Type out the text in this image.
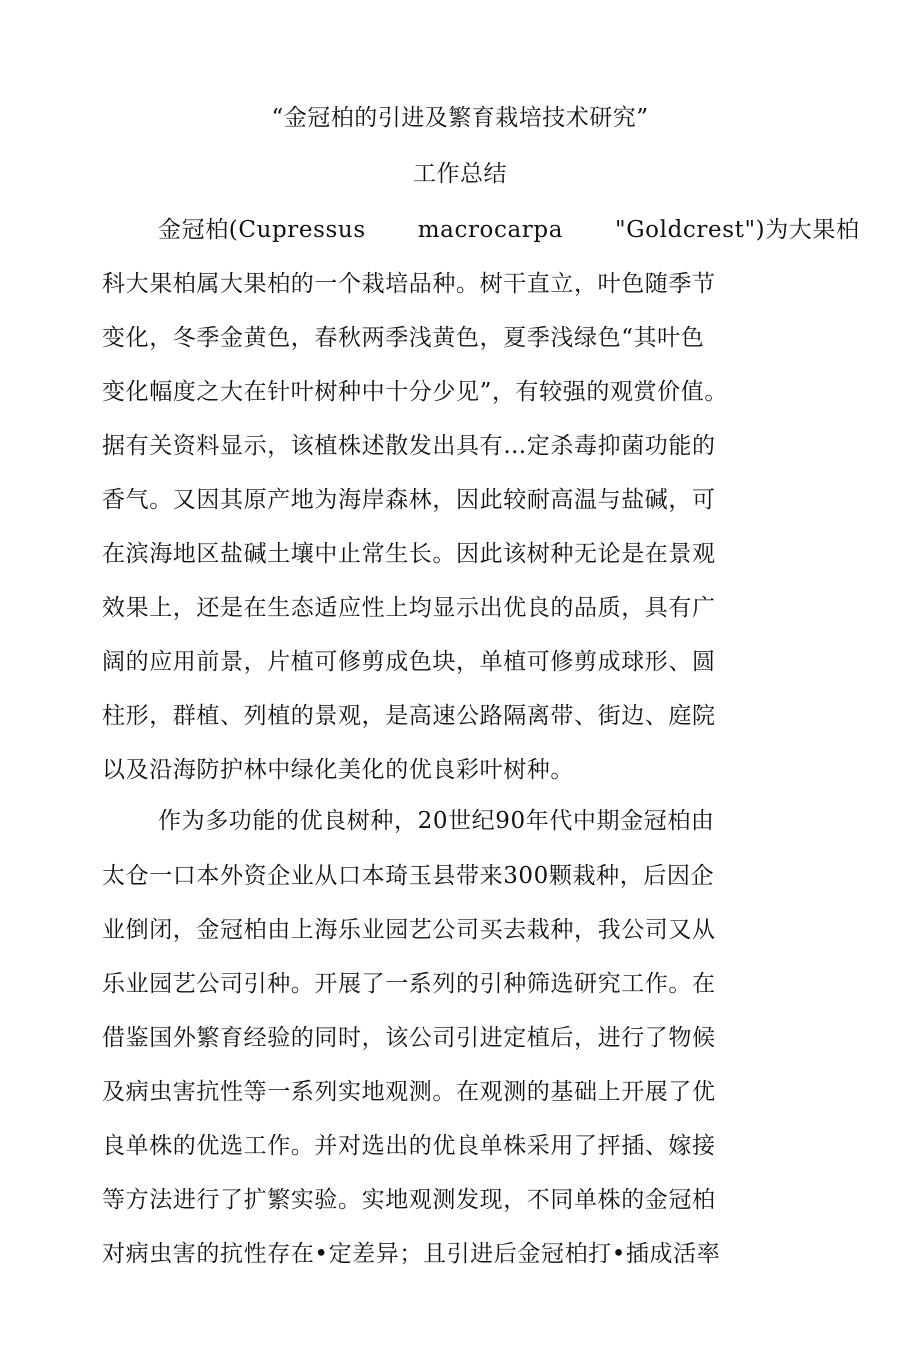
“金冠柏的引进及繁育栽培技术研究”
工作总结
金冠柏(Cupressus macrocarpa "Goldcrest")为大果柏
科大果柏属大果柏的一个栽培品种。树干直立，叶色随季节
变化，冬季金黄色，春秋两季浅黄色，夏季浅绿色“其叶色
变化幅度之大在针叶树种中十分少见”，有较强的观赏价值。
据有关资料显示，该植株述散发出具有…定杀毒抑菌功能的
香气。又因其原产地为海岸森林，因此较耐高温与盐碱，可
在滨海地区盐碱土壤中止常生长。因此该树种无论是在景观
效果上，还是在生态适应性上均显示出优良的品质，具有广
阔的应用前景，片植可修剪成色块，单植可修剪成球形、圆
柱形，群植、列植的景观，是高速公路隔离带、街边、庭院
以及沿海防护林中绿化美化的优良彩叶树种。
作为多功能的优良树种，20世纪90年代中期金冠柏由
太仓一口本外资企业从口本琦玉县带来300颗栽种，后因企
业倒闭，金冠柏由上海乐业园艺公司买去栽种，我公司又从
乐业园艺公司引种。开展了一系列的引种筛选研究工作。在
借鉴国外繁育经验的同时，该公司引进定植后，进行了物候
及病虫害抗性等一系列实地观测。在观测的基础上开展了优
良单株的优选工作。并对选出的优良单株采用了抨插、嫁接
等方法进行了扩繁实验。实地观测发现，不同单株的金冠柏
对病虫害的抗性存在•定差异；且引进后金冠柏打•插成活率
